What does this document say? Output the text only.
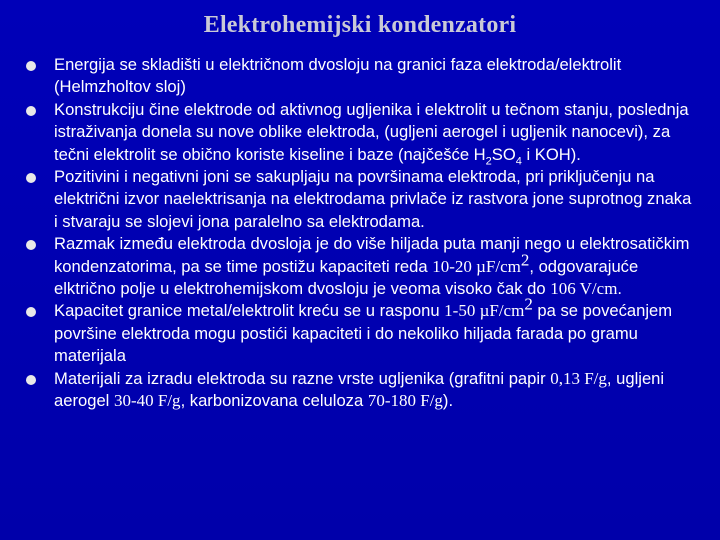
Elektrohemijski kondenzatori
Energija se skladišti u električnom dvosloju na granici faza elektroda/elektrolit (Helmzholtov sloj)
Konstrukciju čine elektrode od aktivnog ugljenika i elektrolit u tečnom stanju, poslednja istraživanja donela su nove oblike elektroda, (ugljeni aerogel i ugljenik nanocevi), za tečni elektrolit se obično koriste kiseline i baze (najčešće $H_2SO_4$ i KOH).
Pozitivini i negativni joni se sakupljaju na površinama elektroda, pri priključenju na električni izvor naelektrisanja na elektrodama privlače iz rastvora jone suprotnog znaka i stvaraju se slojevi jona paralelno sa elektrodama.
Razmak između elektroda dvosloja je do više hiljada puta manji nego u elektrosatičkim kondenzatorima, pa se time postižu kapaciteti reda 10-20 $\mu F/cm^2$, odgovarajuće elktrično polje u elektrohemijskom dvosloju je veoma visoko čak do 106 V/cm.
Kapacitet granice metal/elektrolit kreću se u rasponu 1-50 $\mu F/cm^2$ pa se povećanjem površine elektroda mogu postići kapaciteti i do nekoliko hiljada farada po gramu materijala
Materijali za izradu elektroda su razne vrste ugljenika (grafitni papir 0,13 F/g, ugljeni aerogel 30-40 F/g, karbonizovana celuloza 70-180 F/g).
